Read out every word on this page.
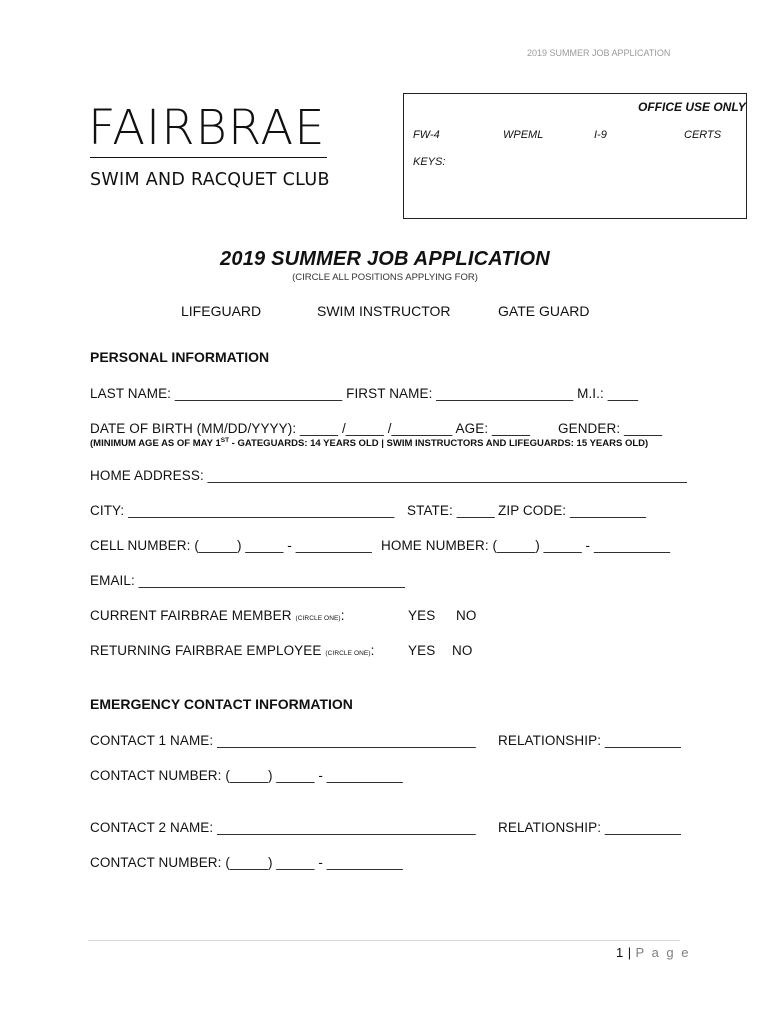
2019 SUMMER JOB APPLICATION
FAIRBRAE
SWIM AND RACQUET CLUB
OFFICE USE ONLY
FW-4	WPEML	I-9	CERTS
KEYS:
2019 SUMMER JOB APPLICATION
(CIRCLE ALL POSITIONS APPLYING FOR)
LIFEGUARD	SWIM INSTRUCTOR	GATE GUARD
PERSONAL INFORMATION
LAST NAME: ______________________ FIRST NAME: __________________ M.I.: ____
DATE OF BIRTH (MM/DD/YYYY): _____ /_____ /________ AGE: _____ GENDER: _____
(MINIMUM AGE AS OF MAY 1ST - GATEGUARDS: 14 YEARS OLD | SWIM INSTRUCTORS AND LIFEGUARDS: 15 YEARS OLD)
HOME ADDRESS: _______________________________________________________________
CITY: ___________________________________ STATE: _____ ZIP CODE: __________
CELL NUMBER: (_____) _____ - __________ HOME NUMBER: (_____) _____ - __________
EMAIL: ___________________________________
CURRENT FAIRBRAE MEMBER (CIRCLE ONE):	YES NO
RETURNING FAIRBRAE EMPLOYEE (CIRCLE ONE): YES NO
EMERGENCY CONTACT INFORMATION
CONTACT 1 NAME: __________________________________ RELATIONSHIP: __________
CONTACT NUMBER: (_____) _____ - __________
CONTACT 2 NAME: __________________________________ RELATIONSHIP: __________
CONTACT NUMBER: (_____) _____ - __________
1 | P a g e
